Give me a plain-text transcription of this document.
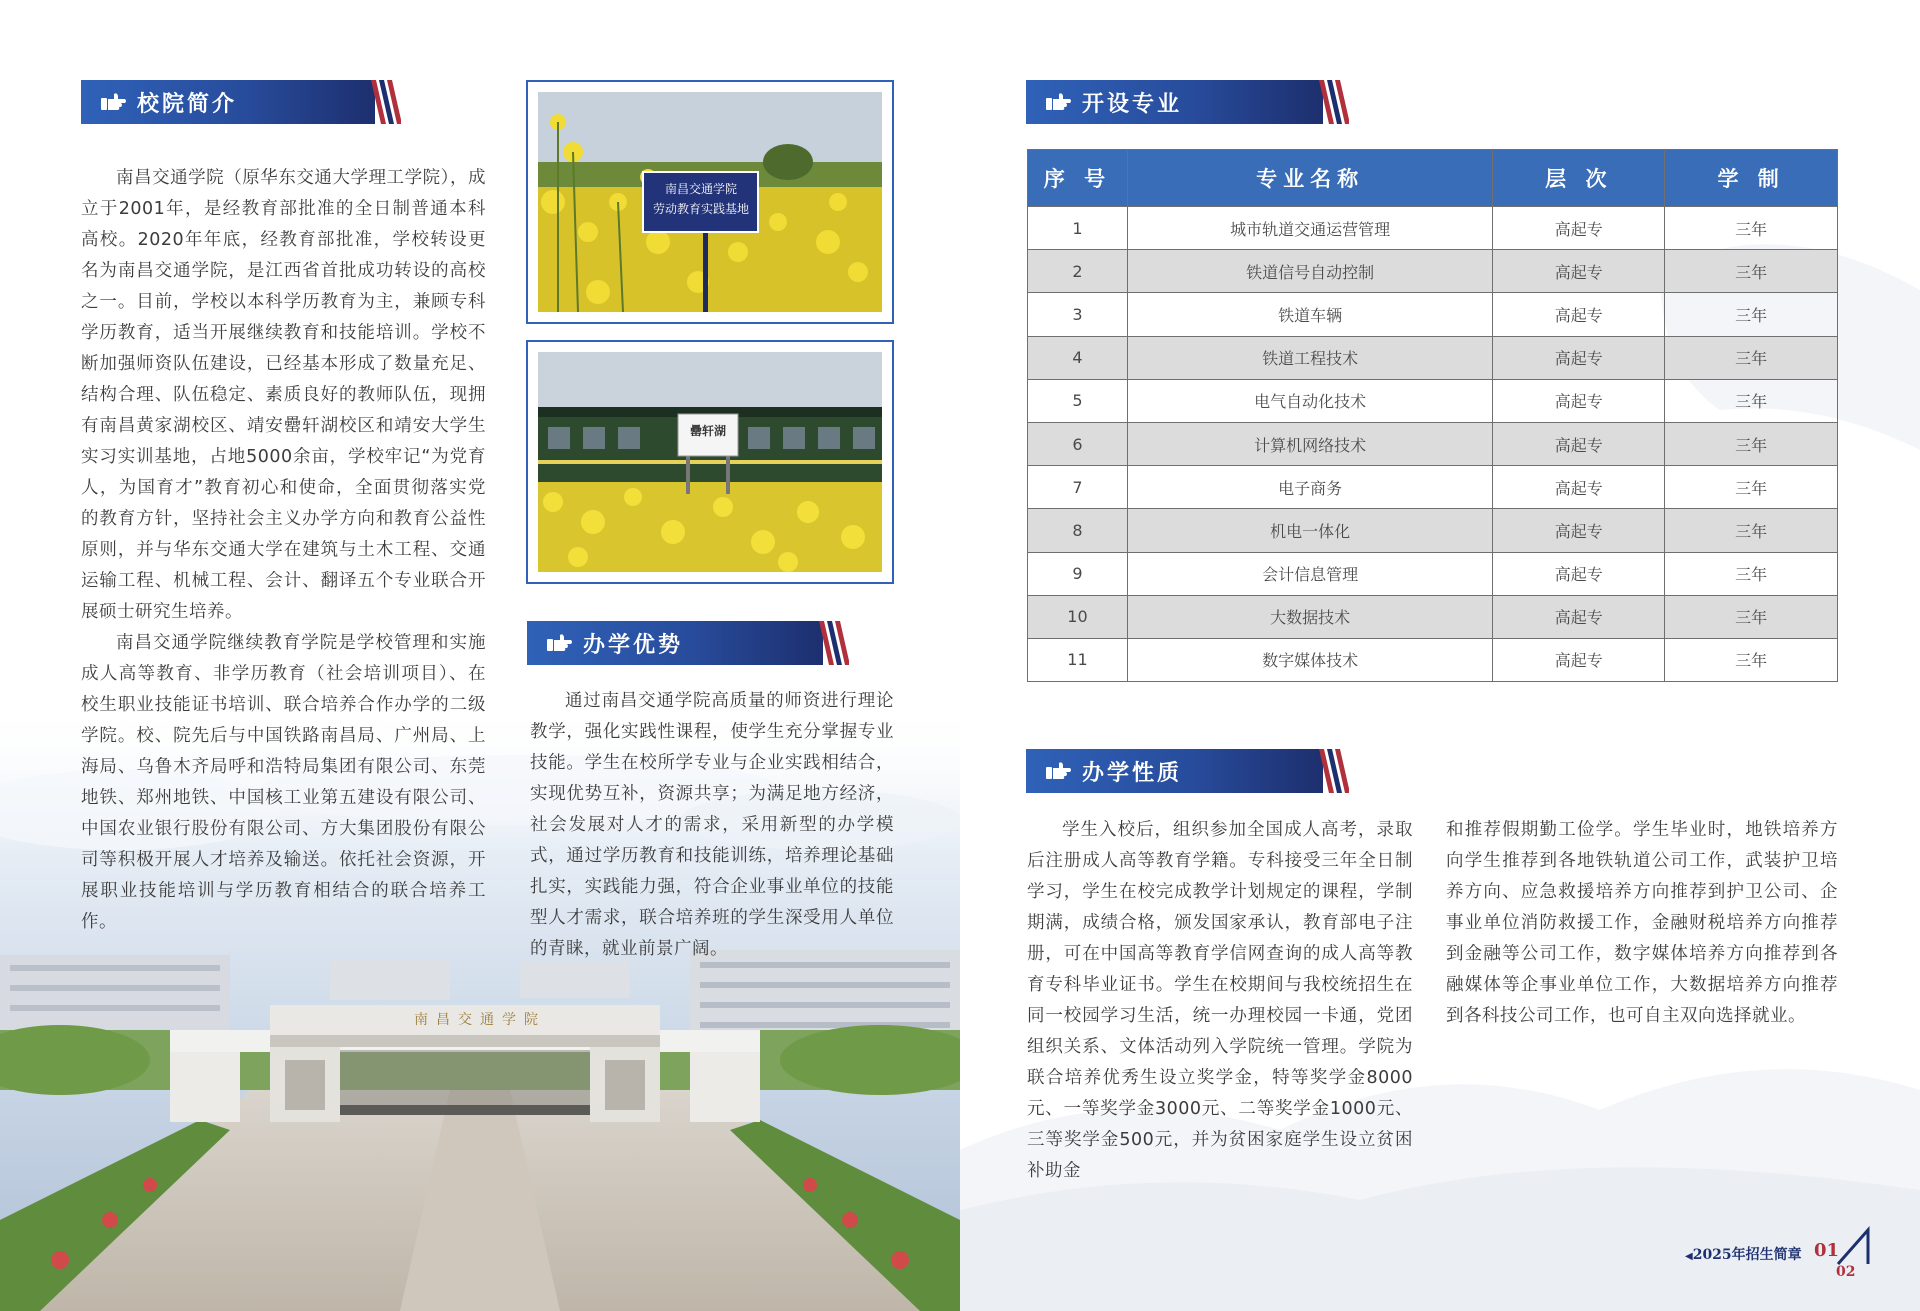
南昌交通学院
校院简介

南昌交通学院（原华东交通大学理工学院），成立于2001年，是经教育部批准的全日制普通本科高校。2020年年底，经教育部批准，学校转设更名为南昌交通学院，是江西省首批成功转设的高校之一。目前，学校以本科学历教育为主，兼顾专科学历教育，适当开展继续教育和技能培训。学校不断加强师资队伍建设，已经基本形成了数量充足、结构合理、队伍稳定、素质良好的教师队伍，现拥有南昌黄家湖校区、靖安罍轩湖校区和靖安大学生实习实训基地，占地5000余亩，学校牢记“为党育人，为国育才”教育初心和使命，全面贯彻落实党的教育方针，坚持社会主义办学方向和教育公益性原则，并与华东交通大学在建筑与土木工程、交通运输工程、机械工程、会计、翻译五个专业联合开展硕士研究生培养。

南昌交通学院继续教育学院是学校管理和实施成人高等教育、非学历教育（社会培训项目）、在校生职业技能证书培训、联合培养合作办学的二级学院。校、院先后与中国铁路南昌局、广州局、上海局、乌鲁木齐局呼和浩特局集团有限公司、东莞地铁、郑州地铁、中国核工业第五建设有限公司、中国农业银行股份有限公司、方大集团股份有限公司等积极开展人才培养及输送。依托社会资源，开展职业技能培训与学历教育相结合的联合培养工作。

南昌交通学院
劳动教育实践基地
罍轩湖
办学优势

通过南昌交通学院高质量的师资进行理论教学，强化实践性课程，使学生充分掌握专业技能。学生在校所学专业与企业实践相结合，实现优势互补，资源共享；为满足地方经济，社会发展对人才的需求，采用新型的办学模式，通过学历教育和技能训练，培养理论基础扎实，实践能力强，符合企业事业单位的技能型人才需求，联合培养班的学生深受用人单位的青睐，就业前景广阔。

开设专业
序 号	专业名称	层 次	学 制
1	城市轨道交通运营管理	高起专	三年
2	铁道信号自动控制	高起专	三年
3	铁道车辆	高起专	三年
4	铁道工程技术	高起专	三年
5	电气自动化技术	高起专	三年
6	计算机网络技术	高起专	三年
7	电子商务	高起专	三年
8	机电一体化	高起专	三年
9	会计信息管理	高起专	三年
10	大数据技术	高起专	三年
11	数字媒体技术	高起专	三年
办学性质

学生入校后，组织参加全国成人高考，录取后注册成人高等教育学籍。专科接受三年全日制学习，学生在校完成教学计划规定的课程，学制期满，成绩合格，颁发国家承认，教育部电子注册，可在中国高等教育学信网查询的成人高等教育专科毕业证书。学生在校期间与我校统招生在同一校园学习生活，统一办理校园一卡通，党团组织关系、文体活动列入学院统一管理。学院为联合培养优秀生设立奖学金，特等奖学金8000元、一等奖学金3000元、二等奖学金1000元、三等奖学金500元，并为贫困家庭学生设立贫困补助金

和推荐假期勤工俭学。学生毕业时，地铁培养方向学生推荐到各地铁轨道公司工作，武装护卫培养方向、应急救援培养方向推荐到护卫公司、企事业单位消防救援工作，金融财税培养方向推荐到金融等公司工作，数字媒体培养方向推荐到各融媒体等企事业单位工作，大数据培养方向推荐到各科技公司工作，也可自主双向选择就业。
◀2025年招生简章 01
02
